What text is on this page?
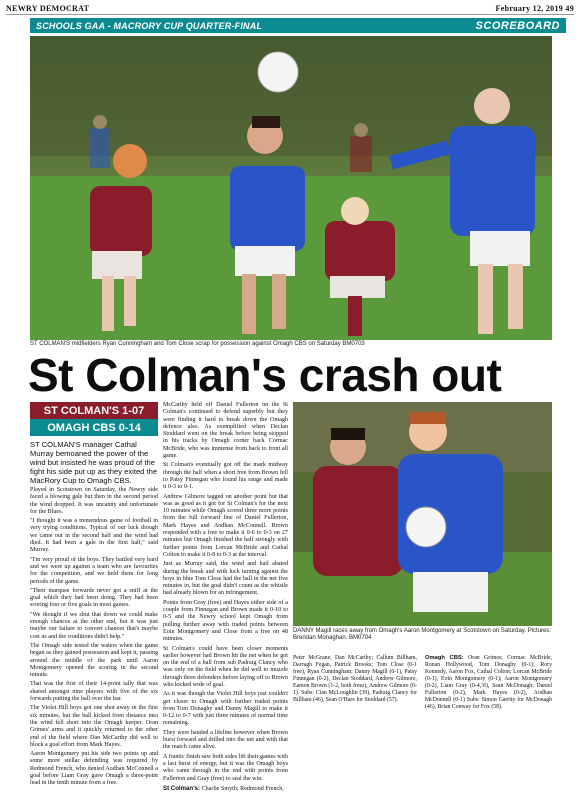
NEWRY DEMOCRAT	February 12, 2019 49
SCHOOLS GAA - MACRORY CUP QUARTER-FINAL	SCOREBOARD
ST COLMAN'S midfielders Ryan Cunningham and Tom Close scrap for possession against Omagh CBS on Saturday BM0703
St Colman's crash out
ST COLMAN'S 1-07
OMAGH CBS 0-14

ST COLMAN'S manager Cathal Murray bemoaned the power of the wind but insisted he was proud of the fight his side put up as they exited the MacRory Cup to Omagh CBS.

Played in Scotstown on Saturday, the Newry side faced a blowing gale but then in the second period the wind dropped. It was uncanny and unfortunate for the Blues.

"I thought it was a tremendous game of football in very trying conditions. Typical of our luck though we came out in the second half and the wind had died. It had been a gale in the first half," said Murray.

"I'm very proud of the boys. They battled very hard and we were up against a team who are favourites for the competition, and we held them for long periods of the game.

"Their marquee forwards never got a sniff at the goal which they had been doing. They had been scoring four or five goals in most games.

"We thought if we shut that down we could make enough chances at the other end, but it was just maybe our failure to convert chances that's maybe cost us and the conditions didn't help."

The Omagh side tested the waters when the game began as they gained possession and kept it, passing around the middle of the park until Aaron Montgomery opened the scoring in the second minute.

That was the first of their 14-point tally that was shared amongst nine players with five of the six forwards putting the ball over the bar.

The Violet Hill boys got one shot away in the first six minutes, but the ball kicked from distance into the wind fell short into the Omagh keeper. Oran Grimes' arms and it quickly returned to the other end of the field where Dan McCarthy did well to block a goal effort from Mark Hayes.

Aaron Montgomery put his side two points up and some more stellar defending was required by Redmond French, who denied Aodhan McConnell a goal before Liam Gray gave Omagh a three-point lead in the tenth minute from a free.

McCarthy held off Daniel Fullerton on the St Colman's continued to defend superbly but they were finding it hard to break down the Omagh defence also. As exemplified when Declan Stoddard went on the break before being stopped in his tracks by Omagh corner back Cormac McBride, who was immense from back to front all game.

St Colman's eventually got off the mark midway through the half when a short free from Brown fell to Patsy Finnegan who found his range and made it 0-3 to 0-1.

Andrew Gilmore tagged on another point but that was as good as it got for St Colman's for the next 10 minutes while Omagh scored three more points from the full forward line of Daniel Fullerton, Mark Hayes and Aodhan McConnell. Brown responded with a free to make it 0-6 to 0-3 on 27 minutes but Omagh finished the half strongly with further points from Lorcan McBride and Cathal Colton to make it 0-8 to 0-3 at the interval.

Just as Murray said, the wind and hail abated during the break and with luck turning against the boys in blue Tom Close had the ball in the net five minutes in, but the goal didn't count as the whistle had already blown for an infringement.

Points from Gray (free) and Hayes either side of a couple from Finnegan and Brown made it 0-10 to 0-5 and the Newry school kept Omagh from pulling further away with traded points between Eoin Montgomery and Close from a free on 48 minutes.

St Colman's could have been closer moments earlier however had Brown hit the net when he got on the end of a ball from sub Padraig Clancy who was only on the field when he did well to muzzle through three defenders before laying off to Brown who kicked wide of goal.

As it was though the Violet Hill boys just couldn't get closer to Omagh with further traded points from Tom Donaghy and Danny Magill to make it 0-12 to 0-7 with just three minutes of normal time remaining.

They were handed a lifeline however when Brown burst forward and drilled into the net and with that the match came alive.

A frantic finish saw both sides lift their games with a last burst of energy, but it was the Omagh boys who came through in the end with points from Fullerton and Gray (free) to seal the win.

St Colman's: Charlie Smyth; Redmond French,

DANNY Magill races away from Omagh's Aaron Montgomery at Scotstown on Saturday. Pictures: Brendan Monaghan. BM0704

Peter McGrane, Dan McCarthy; Callum Billham, Darragh Fegan, Patrick Brooks; Tom Close (0-1 free), Ryan Cunningham; Danny Magill (0-1), Patsy Finnegan (0-2), Declan Stoddard, Andrew Gilmore, Eamon Brown (1-2, both frees), Andrew Gilmore (0-1). Subs: Cian McLoughlin (39), Padraig Clancy for Billham (46), Sean O'Hare for Stoddard (57).

Omagh CBS: Oran Grimes; Cormac McBride, Ronan Hollywood, Tom Donaghy (0-1); Rory Kennedy, Aaron Fox, Cathal Colton; Lorcan McBride (0-1), Eoin Montgomery (0-1); Aaron Montgomery (0-2), Liam Gray (0-4,3f), Sean McDonagh; Daniel Fullerton (0-2), Mark Hayes (0-2), Aodhan McDonnell (0-1) Subs: Simon Garrity for McDonagh (46), Brian Conway for Fox (58).
